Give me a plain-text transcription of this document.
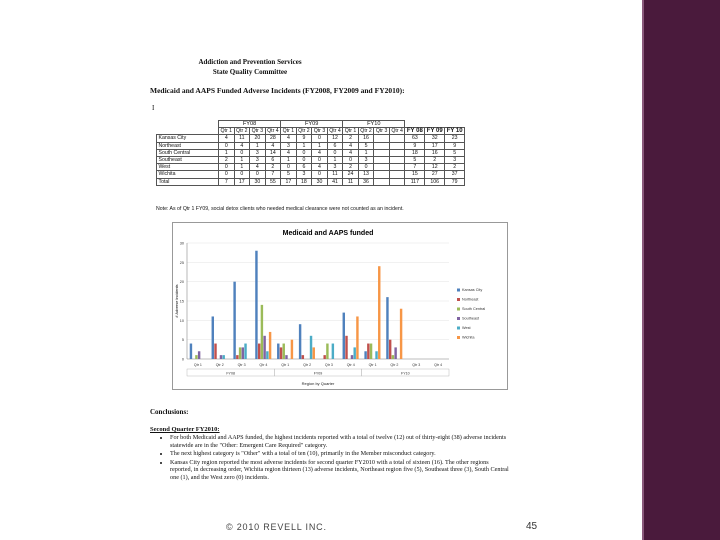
Addiction and Prevention Services
State Quality Committee
Medicaid and AAPS Funded Adverse Incidents (FY2008, FY2009 and FY2010):
I
	FY08				FY09				FY10						
	Qtr 1	Qtr 2	Qtr 3	Qtr 4	Qtr 1	Qtr 2	Qtr 3	Qtr 4	Qtr 1	Qtr 2	Qtr 3	Qtr 4	FY 08	FY 09	FY 10
Kansas City	4	11	20	28	4	9	0	12	2	16			63	32	23
Northeast	0	4	1	4	3	1	1	6	4	5			9	17	9
South Central	1	0	3	14	4	0	4	0	4	1			18	16	5
Southeast	2	1	3	6	1	0	0	1	0	3			5	2	3
West	0	1	4	2	0	6	4	3	2	0			7	12	2
Wichita	0	0	0	7	5	3	0	11	24	13			15	27	37
Total	7	17	30	55	17	18	30	41	11	36			117	106	79
Note: As of Qtr 1 FY09, social detox clients who needed medical clearance were not counted as an incident.
Medicaid and AAPS funded
0
5
10
15
20
25
30
# Adverse Incidents
Qtr 1	Qtr 2	Qtr 3	Qtr 4	Qtr 1	Qtr 2	Qtr 3	Qtr 4	Qtr 1	Qtr 2	Qtr 3	Qtr 4
FY08	FY09	FY10
Region by Quarter
Kansas City
Northeast
South Central
Southeast
West
Wichita
Conclusions:
Second Quarter FY2010:
• For both Medicaid and AAPS funded, the highest incidents reported with a total of twelve (12) out of thirty-eight (38) adverse incidents statewide are in the "Other: Emergent Care Required" category.
• The next highest category is "Other" with a total of ten (10), primarily in the Member misconduct category.
• Kansas City region reported the most adverse incidents for second quarter FY2010 with a total of sixteen (16). The other regions reported, in decreasing order, Wichita region thirteen (13) adverse incidents, Northeast region five (5), Southeast three (3), South Central one (1), and the West zero (0) incidents.
© 2010 REVELL INC.	45
